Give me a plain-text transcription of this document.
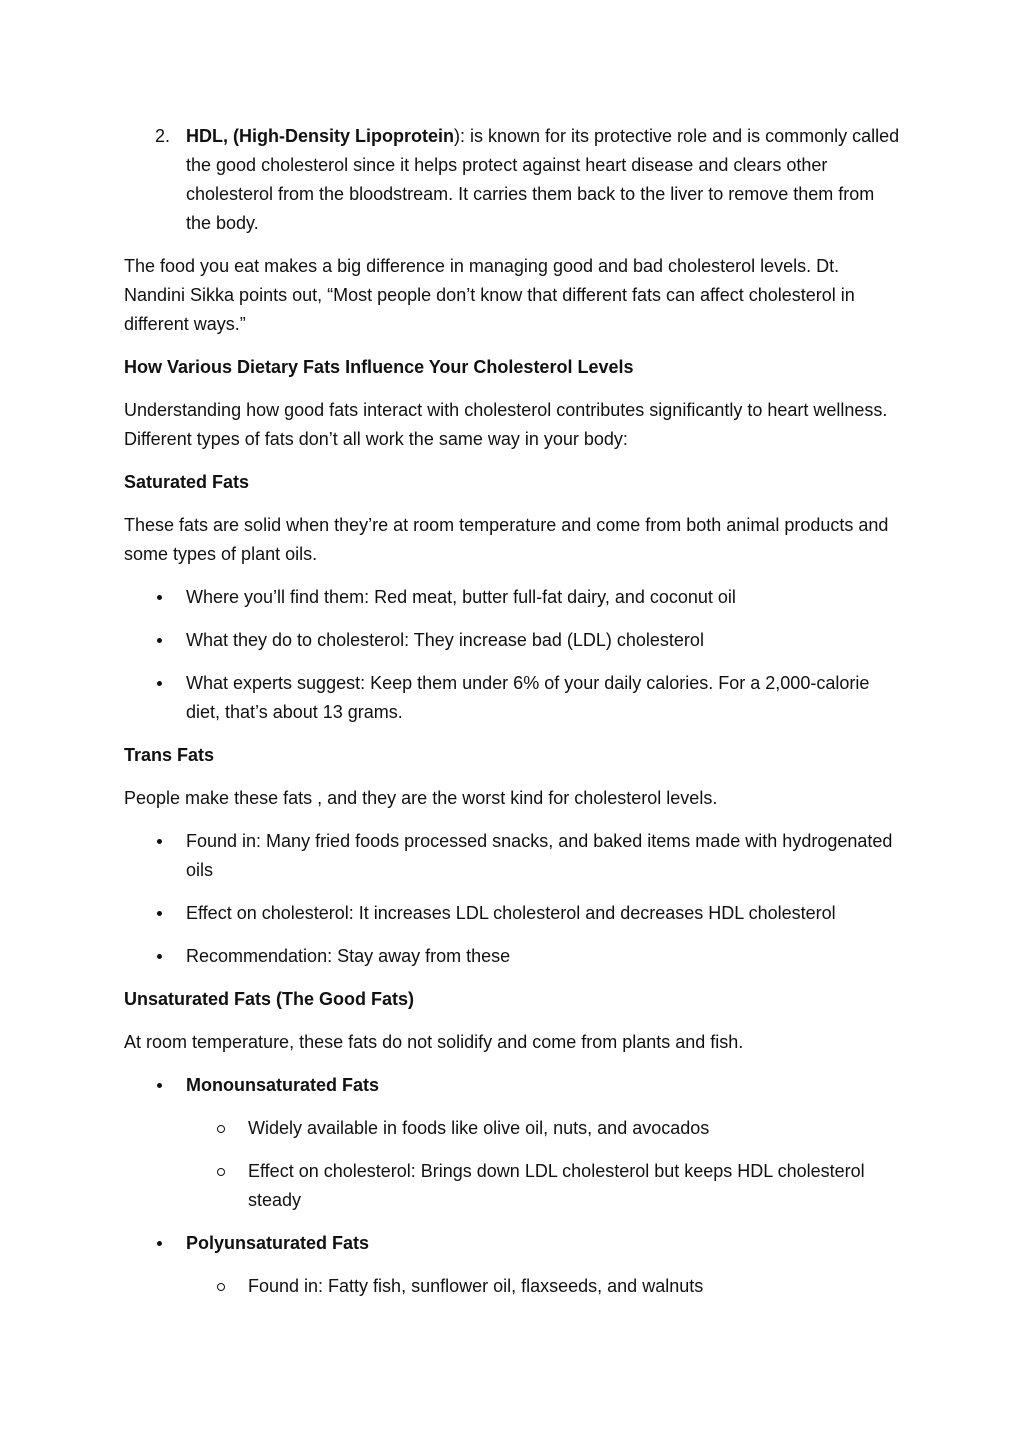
2. HDL, (High-Density Lipoprotein): is known for its protective role and is commonly called the good cholesterol since it helps protect against heart disease and clears other cholesterol from the bloodstream. It carries them back to the liver to remove them from the body.

The food you eat makes a big difference in managing good and bad cholesterol levels. Dt. Nandini Sikka points out, “Most people don’t know that different fats can affect cholesterol in different ways.”

How Various Dietary Fats Influence Your Cholesterol Levels

Understanding how good fats interact with cholesterol contributes significantly to heart wellness. Different types of fats don’t all work the same way in your body:

Saturated Fats

These fats are solid when they’re at room temperature and come from both animal products and some types of plant oils.

Where you’ll find them: Red meat, butter full-fat dairy, and coconut oil
What they do to cholesterol: They increase bad (LDL) cholesterol
What experts suggest: Keep them under 6% of your daily calories. For a 2,000-calorie diet, that’s about 13 grams.

Trans Fats

People make these fats , and they are the worst kind for cholesterol levels.

Found in: Many fried foods processed snacks, and baked items made with hydrogenated oils
Effect on cholesterol: It increases LDL cholesterol and decreases HDL cholesterol
Recommendation: Stay away from these

Unsaturated Fats (The Good Fats)

At room temperature, these fats do not solidify and come from plants and fish.

Monounsaturated Fats
Widely available in foods like olive oil, nuts, and avocados
Effect on cholesterol: Brings down LDL cholesterol but keeps HDL cholesterol steady
Polyunsaturated Fats
Found in: Fatty fish, sunflower oil, flaxseeds, and walnuts
